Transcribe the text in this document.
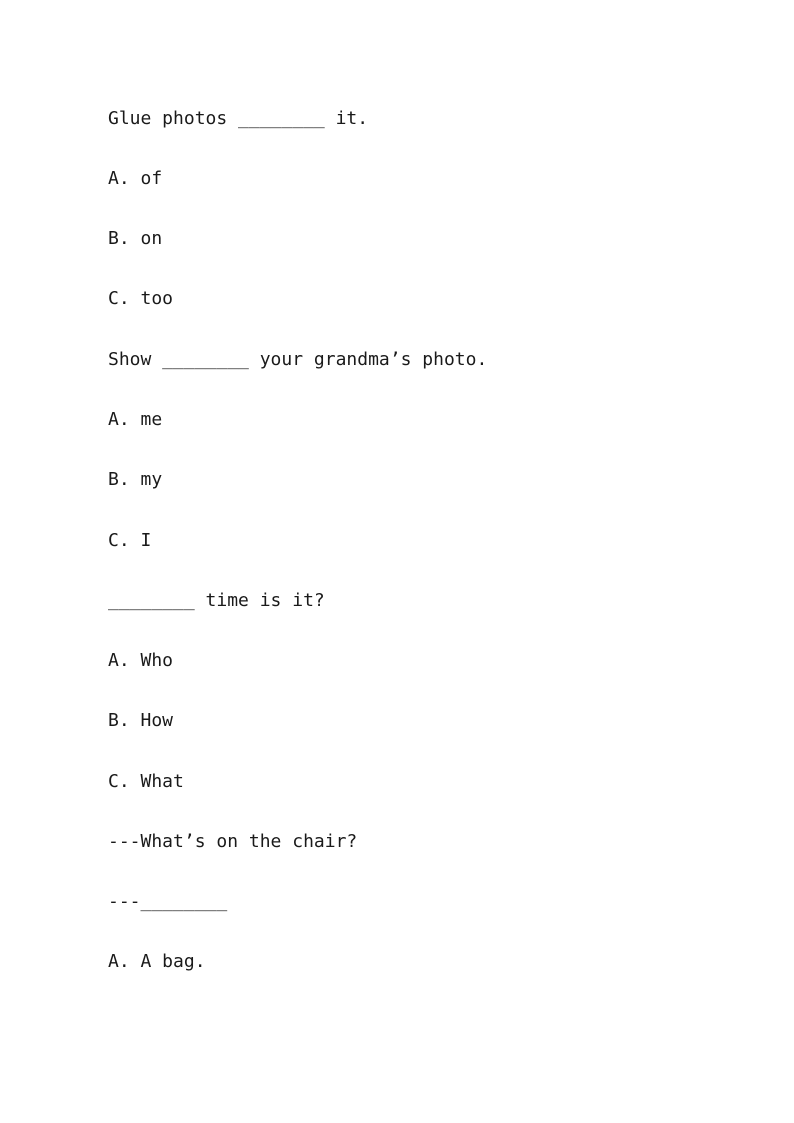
Glue photos ________ it.

A. of

B. on

C. too

Show ________ your grandma’s photo.

A. me

B. my

C. I

________ time is it?

A. Who

B. How

C. What

---What’s on the chair?

---________

A. A bag.
